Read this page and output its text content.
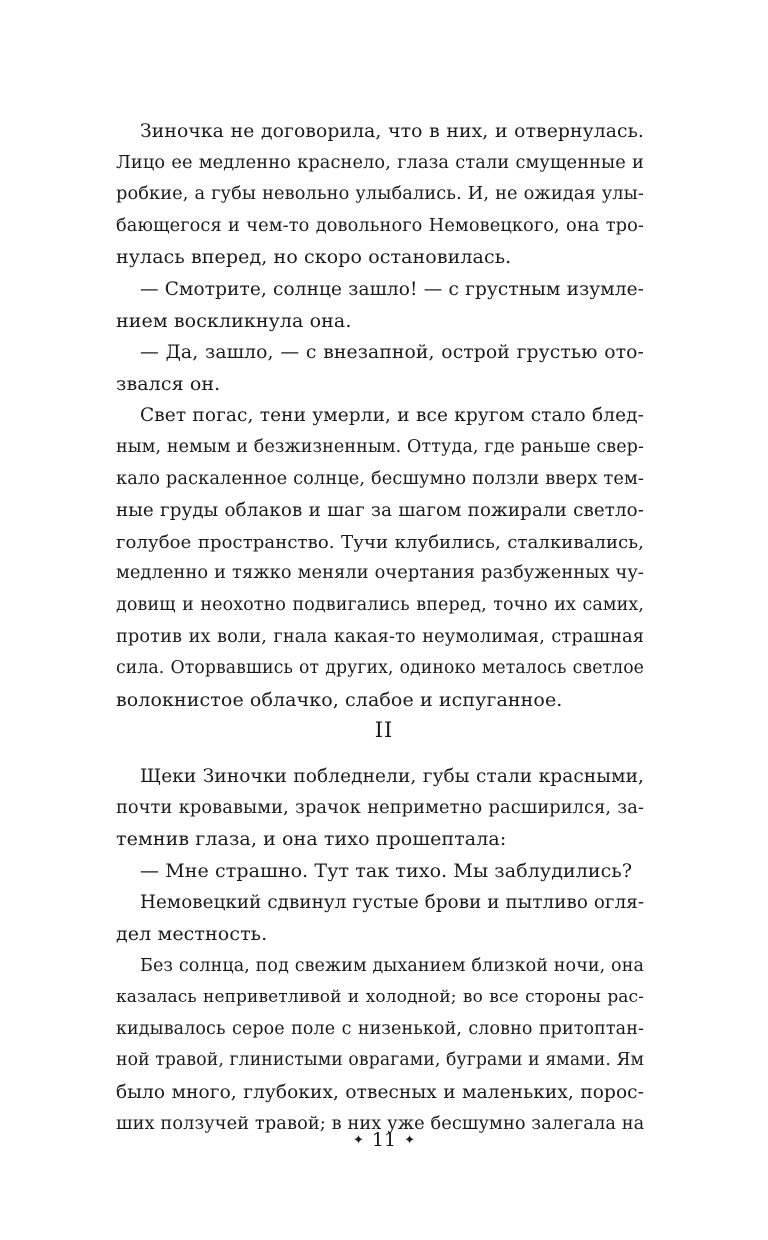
Зиночка не договорила, что в них, и отвернулась.
Лицо ее медленно краснело, глаза стали смущенные и
робкие, а губы невольно улыбались. И, не ожидая улы-
бающегося и чем-то довольного Немовецкого, она тро-
нулась вперед, но скоро остановилась.
— Смотрите, солнце зашло! — с грустным изумле-
нием воскликнула она.
— Да, зашло, — с внезапной, острой грустью ото-
звался он.
Свет погас, тени умерли, и все кругом стало блед-
ным, немым и безжизненным. Оттуда, где раньше свер-
кало раскаленное солнце, бесшумно ползли вверх тем-
ные груды облаков и шаг за шагом пожирали светло-
голубое пространство. Тучи клубились, сталкивались,
медленно и тяжко меняли очертания разбуженных чу-
довищ и неохотно подвигались вперед, точно их самих,
против их воли, гнала какая-то неумолимая, страшная
сила. Оторвавшись от других, одиноко металось светлое
волокнистое облачко, слабое и испуганное.
II
Щеки Зиночки побледнели, губы стали красными,
почти кровавыми, зрачок неприметно расширился, за-
темнив глаза, и она тихо прошептала:
— Мне страшно. Тут так тихо. Мы заблудились?
Немовецкий сдвинул густые брови и пытливо огля-
дел местность.
Без солнца, под свежим дыханием близкой ночи, она
казалась неприветливой и холодной; во все стороны рас-
кидывалось серое поле с низенькой, словно притоптан-
ной травой, глинистыми оврагами, буграми и ямами. Ям
было много, глубоких, отвесных и маленьких, порос-
ших ползучей травой; в них уже бесшумно залегала на
✦ 11 ✦
